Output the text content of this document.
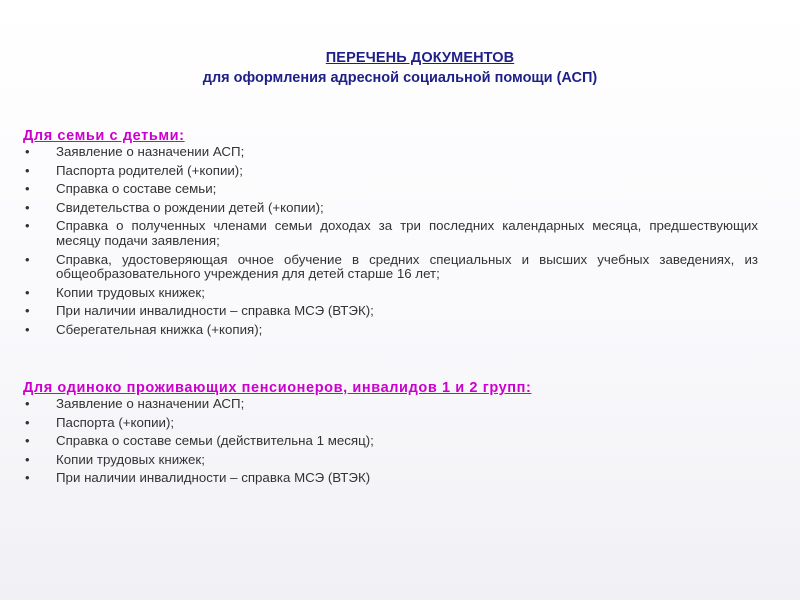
ПЕРЕЧЕНЬ ДОКУМЕНТОВ
для оформления адресной социальной помощи (АСП)
Для семьи с детьми:
• Заявление о назначении АСП;
• Паспорта родителей (+копии);
• Справка о составе семьи;
• Свидетельства о рождении детей (+копии);
• Справка о полученных членами семьи доходах за три последних календарных месяца, предшествующих месяцу подачи заявления;
• Справка, удостоверяющая очное обучение в средних специальных и высших учебных заведениях, из общеобразовательного учреждения для детей старше 16 лет;
• Копии трудовых книжек;
• При наличии инвалидности – справка МСЭ (ВТЭК);
• Сберегательная книжка (+копия);
Для одиноко проживающих пенсионеров, инвалидов 1 и 2 групп:
• Заявление о назначении АСП;
• Паспорта (+копии);
• Справка о составе семьи (действительна 1 месяц);
• Копии трудовых книжек;
• При наличии инвалидности – справка МСЭ (ВТЭК)
